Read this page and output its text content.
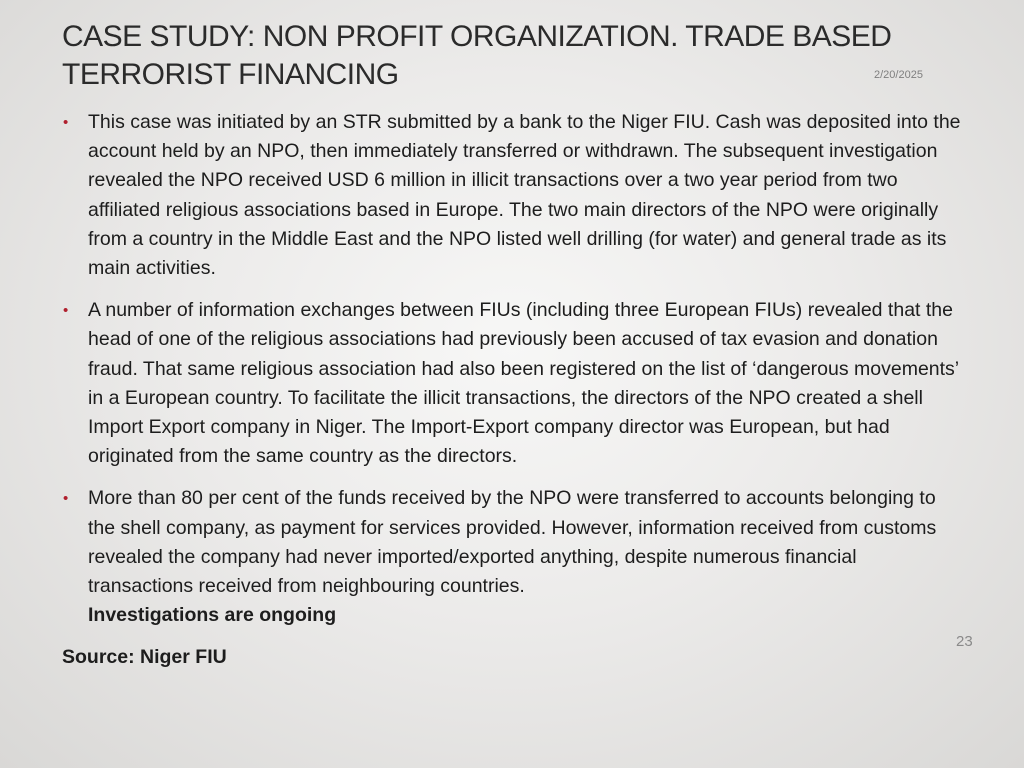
CASE STUDY: NON PROFIT ORGANIZATION. TRADE BASED TERRORIST FINANCING	2/20/2025
• This case was initiated by an STR submitted by a bank to the Niger FIU. Cash was deposited into the account held by an NPO, then immediately transferred or withdrawn. The subsequent investigation revealed the NPO received USD 6 million in illicit transactions over a two year period from two affiliated religious associations based in Europe. The two main directors of the NPO were originally from a country in the Middle East and the NPO listed well drilling (for water) and general trade as its main activities.
• A number of information exchanges between FIUs (including three European FIUs) revealed that the head of one of the religious associations had previously been accused of tax evasion and donation fraud. That same religious association had also been registered on the list of ‘dangerous movements’ in a European country. To facilitate the illicit transactions, the directors of the NPO created a shell Import Export company in Niger. The Import-Export company director was European, but had originated from the same country as the directors.
• More than 80 per cent of the funds received by the NPO were transferred to accounts belonging to the shell company, as payment for services provided. However, information received from customs revealed the company had never imported/exported anything, despite numerous financial transactions received from neighbouring countries.
Investigations are ongoing
Source: Niger FIU
23
